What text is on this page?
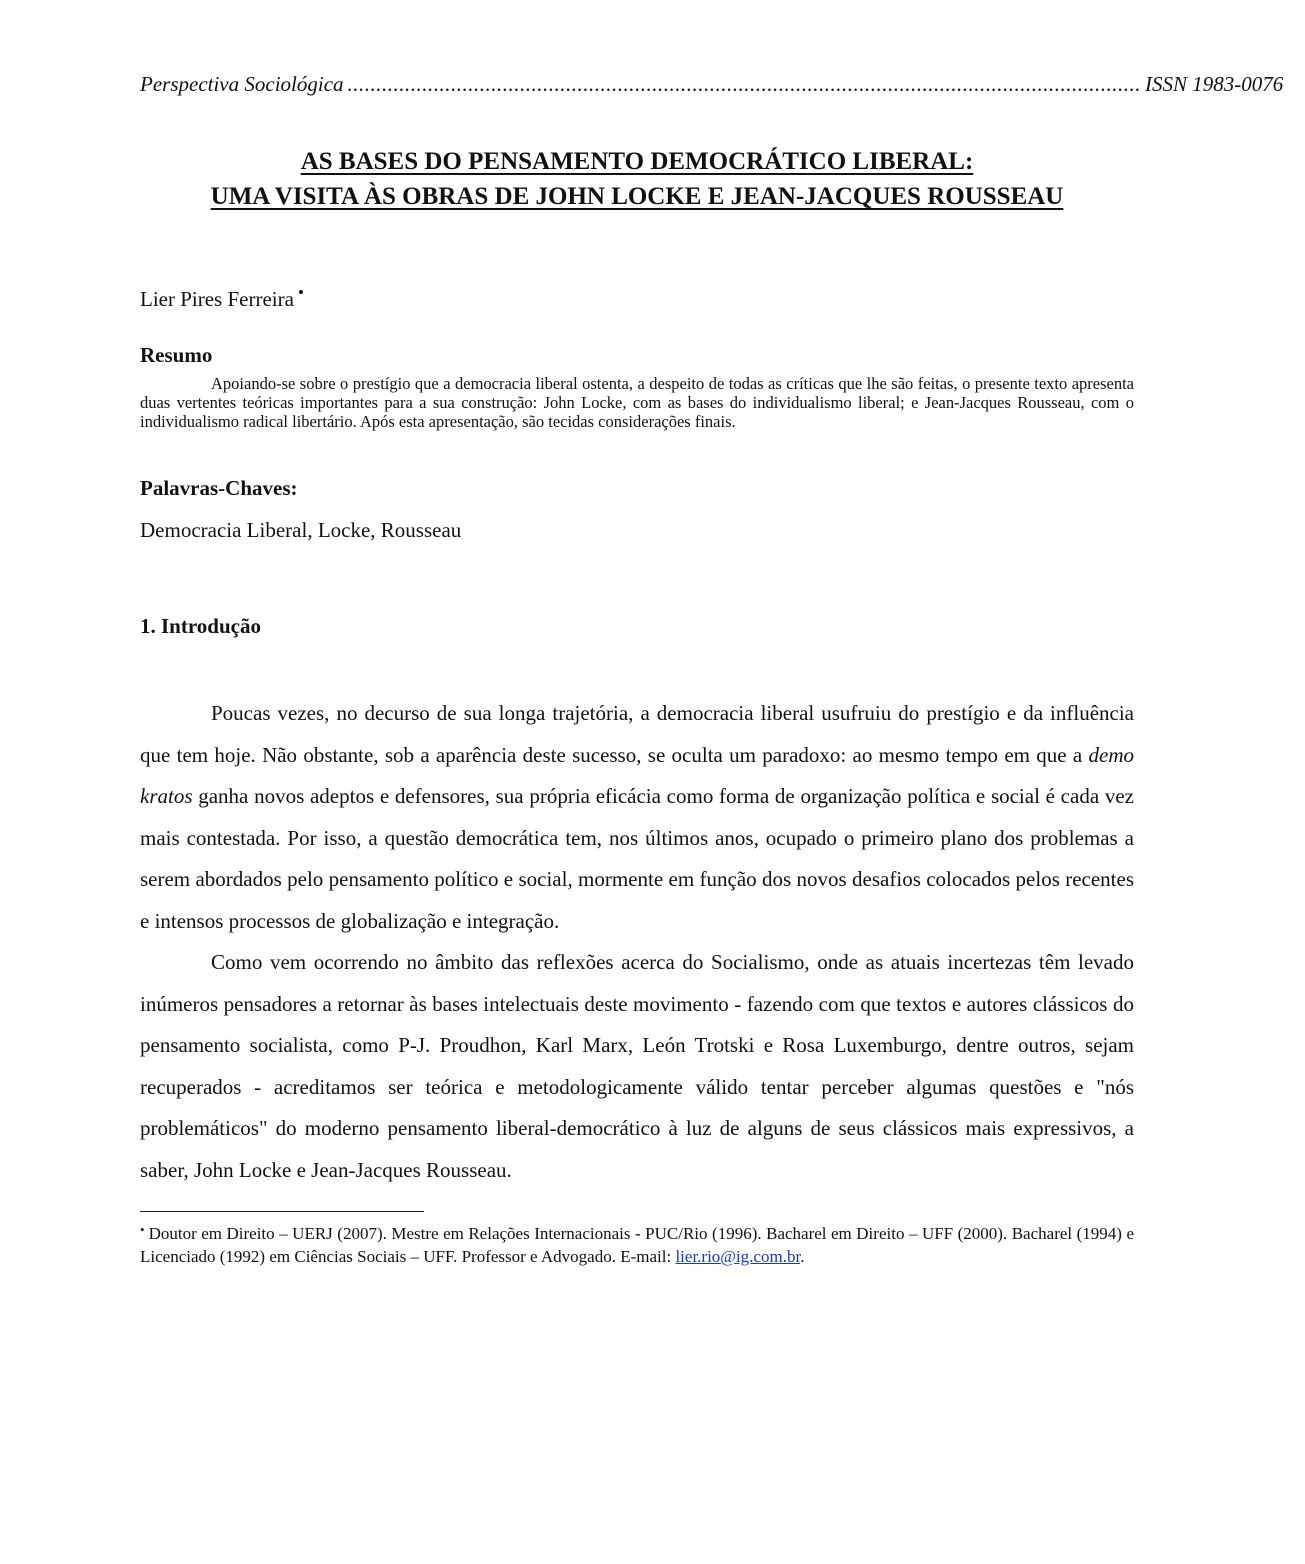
Perspectiva Sociológica .......................................................................................................................................... ISSN 1983-0076
AS BASES DO PENSAMENTO DEMOCRÁTICO LIBERAL:
UMA VISITA ÀS OBRAS DE JOHN LOCKE E JEAN-JACQUES ROUSSEAU
Lier Pires Ferreira •
Resumo
Apoiando-se sobre o prestígio que a democracia liberal ostenta, a despeito de todas as críticas que lhe são feitas, o presente texto apresenta duas vertentes teóricas importantes para a sua construção: John Locke, com as bases do individualismo liberal; e Jean-Jacques Rousseau, com o individualismo radical libertário. Após esta apresentação, são tecidas considerações finais.
Palavras-Chaves:
Democracia Liberal, Locke, Rousseau
1. Introdução

Poucas vezes, no decurso de sua longa trajetória, a democracia liberal usufruiu do prestígio e da influência que tem hoje. Não obstante, sob a aparência deste sucesso, se oculta um paradoxo: ao mesmo tempo em que a demo kratos ganha novos adeptos e defensores, sua própria eficácia como forma de organização política e social é cada vez mais contestada. Por isso, a questão democrática tem, nos últimos anos, ocupado o primeiro plano dos problemas a serem abordados pelo pensamento político e social, mormente em função dos novos desafios colocados pelos recentes e intensos processos de globalização e integração.

Como vem ocorrendo no âmbito das reflexões acerca do Socialismo, onde as atuais incertezas têm levado inúmeros pensadores a retornar às bases intelectuais deste movimento - fazendo com que textos e autores clássicos do pensamento socialista, como P-J. Proudhon, Karl Marx, León Trotski e Rosa Luxemburgo, dentre outros, sejam recuperados - acreditamos ser teórica e metodologicamente válido tentar perceber algumas questões e "nós problemáticos" do moderno pensamento liberal-democrático à luz de alguns de seus clássicos mais expressivos, a saber, John Locke e Jean-Jacques Rousseau.

• Doutor em Direito – UERJ (2007). Mestre em Relações Internacionais - PUC/Rio (1996). Bacharel em Direito – UFF (2000). Bacharel (1994) e Licenciado (1992) em Ciências Sociais – UFF. Professor e Advogado. E-mail: lier.rio@ig.com.br.
